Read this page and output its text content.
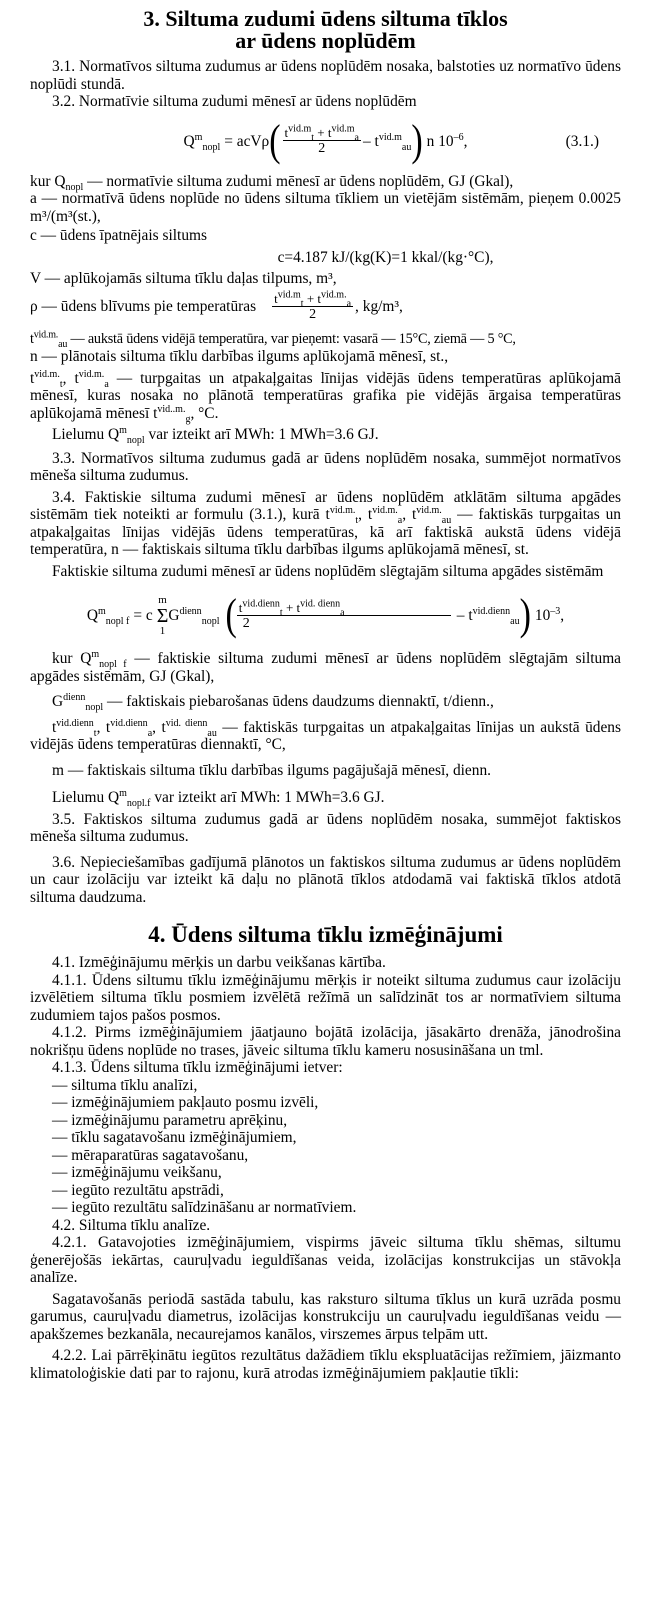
3. Siltuma zudumi ūdens siltuma tīklos
ar ūdens noplūdēm

3.1. Normatīvos siltuma zudumus ar ūdens noplūdēm nosaka, balstoties uz normatīvo ūdens noplūdi stundā.

3.2. Normatīvie siltuma zudumi mēnesī ar ūdens noplūdēm

$Q^m_{nopl} = acV\rho$ ( $\frac{t^{vid.m}_t + t^{vid.m}_a}{2} - t^{vid.m}_{au}$ ) n $10^{-6}$,	(3.1.)

kur $Q_{nopl}$ — normatīvie siltuma zudumi mēnesī ar ūdens noplūdēm, GJ (Gkal),

a — normatīvā ūdens noplūde no ūdens siltuma tīkliem un vietējām sistēmām, pieņem 0.0025 m³/(m³(st.),

c — ūdens īpatnējais siltums

c=4.187 kJ/(kg(K)=1 kkal/(kg·°C),

V — aplūkojamās siltuma tīklu daļas tilpums, m³,

ρ — ūdens blīvums pie temperatūras $\frac{t^{vid.m}_t + t^{vid.m.}_a}{2}$ , kg/m³,

$t^{vid.m.}_{au}$ — aukstā ūdens vidējā temperatūra, var pieņemt: vasarā — 15°C, ziemā — 5 °C,

n — plānotais siltuma tīklu darbības ilgums aplūkojamā mēnesī, st.,

$t^{vid.m.}_t$, $t^{vid.m.}_a$ — turpgaitas un atpakaļgaitas līnijas vidējās ūdens temperatūras aplūkojamā mēnesī, kuras nosaka no plānotā temperatūras grafika pie vidējās ārgaisa temperatūras aplūkojamā mēnesī $t^{vid..m.}_g$, °C.

Lielumu $Q^m_{nopl}$ var izteikt arī MWh: 1 MWh=3.6 GJ.

3.3. Normatīvos siltuma zudumus gadā ar ūdens noplūdēm nosaka, summējot normatīvos mēneša siltuma zudumus.

3.4. Faktiskie siltuma zudumi mēnesī ar ūdens noplūdēm atklātām siltuma apgādes sistēmām tiek noteikti ar formulu (3.1.), kurā $t^{vid.m.}_t$, $t^{vid.m.}_a$, $t^{vid.m.}_{au}$ — faktiskās turpgaitas un atpakaļgaitas līnijas vidējās ūdens temperatūras, kā arī faktiskā aukstā ūdens vidējā temperatūra, n — faktiskais siltuma tīklu darbības ilgums aplūkojamā mēnesī, st.

Faktiskie siltuma zudumi mēnesī ar ūdens noplūdēm slēgtajām siltuma apgādes sistēmām

$Q^m_{nopl f} = c$
m
Σ
1
$G^{dienn}_{nopl}$ ( $\frac{t^{vid.dienn}_t + t^{vid. dienn}_a}{2} - t^{vid.dienn}_{au}$ ) $10^{-3}$,

kur $Q^m_{nopl f}$ — faktiskie siltuma zudumi mēnesī ar ūdens noplūdēm slēgtajām siltuma apgādes sistēmām, GJ (Gkal),

$G^{dienn}_{nopl}$ — faktiskais piebarošanas ūdens daudzums diennaktī, t/dienn.,

$t^{vid.dienn}_t$, $t^{vid.dienn}_a$, $t^{vid. dienn}_{au}$ — faktiskās turpgaitas un atpakaļgaitas līnijas un aukstā ūdens vidējās ūdens temperatūras diennaktī, °C,

m — faktiskais siltuma tīklu darbības ilgums pagājušajā mēnesī, dienn.

Lielumu $Q^m_{nopl.f}$ var izteikt arī MWh: 1 MWh=3.6 GJ.

3.5. Faktiskos siltuma zudumus gadā ar ūdens noplūdēm nosaka, summējot faktiskos mēneša siltuma zudumus.

3.6. Nepieciešamības gadījumā plānotos un faktiskos siltuma zudumus ar ūdens noplūdēm un caur izolāciju var izteikt kā daļu no plānotā tīklos atdodamā vai faktiskā tīklos atdotā siltuma daudzuma.

4. Ūdens siltuma tīklu izmēģinājumi

4.1. Izmēģinājumu mērķis un darbu veikšanas kārtība.

4.1.1. Ūdens siltumu tīklu izmēģinājumu mērķis ir noteikt siltuma zudumus caur izolāciju izvēlētiem siltuma tīklu posmiem izvēlētā režīmā un salīdzināt tos ar normatīviem siltuma zudumiem tajos pašos posmos.

4.1.2. Pirms izmēģinājumiem jāatjauno bojātā izolācija, jāsakārto drenāža, jānodrošina nokrišņu ūdens noplūde no trases, jāveic siltuma tīklu kameru nosusināšana un tml.

4.1.3. Ūdens siltuma tīklu izmēģinājumi ietver:

— siltuma tīklu analīzi,

— izmēģinājumiem pakļauto posmu izvēli,

— izmēģinājumu parametru aprēķinu,

— tīklu sagatavošanu izmēģinājumiem,

— mēraparatūras sagatavošanu,

— izmēģinājumu veikšanu,

— iegūto rezultātu apstrādi,

— iegūto rezultātu salīdzināšanu ar normatīviem.

4.2. Siltuma tīklu analīze.

4.2.1. Gatavojoties izmēģinājumiem, vispirms jāveic siltuma tīklu shēmas, siltumu ģenerējošās iekārtas, cauruļvadu ieguldīšanas veida, izolācijas konstrukcijas un stāvokļa analīze.

Sagatavošanās periodā sastāda tabulu, kas raksturo siltuma tīklus un kurā uzrāda posmu garumus, cauruļvadu diametrus, izolācijas konstrukciju un cauruļvadu ieguldīšanas veidu — apakšzemes bezkanāla, necaurejamos kanālos, virszemes ārpus telpām utt.

4.2.2. Lai pārrēķinātu iegūtos rezultātus dažādiem tīklu ekspluatācijas režīmiem, jāizmanto klimatoloģiskie dati par to rajonu, kurā atrodas izmēģinājumiem pakļautie tīkli:
